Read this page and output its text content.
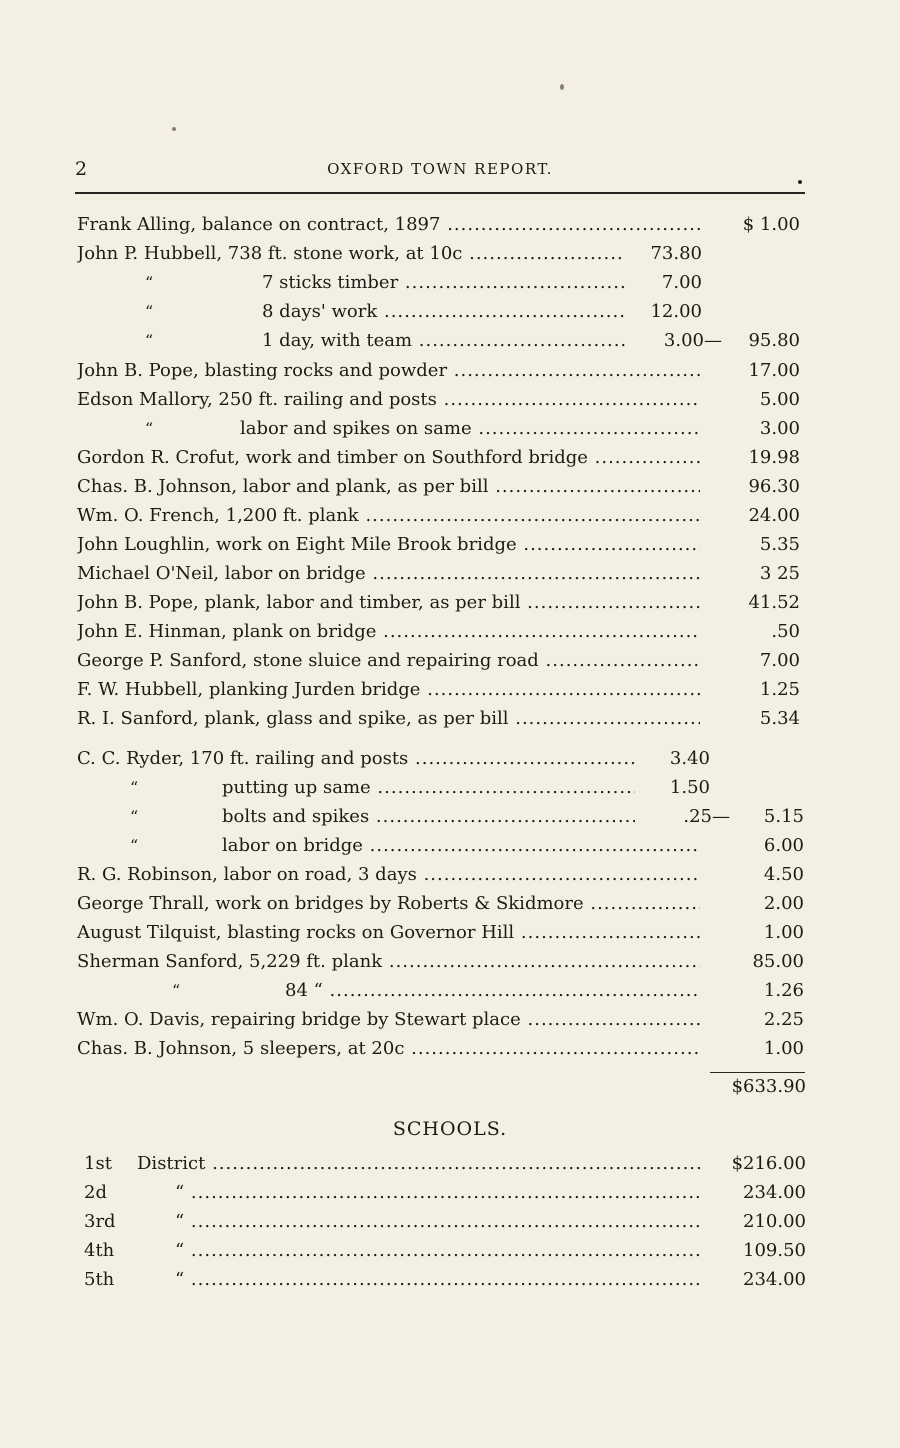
2	OXFORD TOWN REPORT.
Frank Alling, balance on contract, 1897 .....	$ 1.00
John P. Hubbell, 738 ft. stone work, at 10c .....	73.80
“	7 sticks timber .....	7.00
“	8 days' work .....	12.00
“	1 day, with team .....	3.00—	95.80
John B. Pope, blasting rocks and powder .....	17.00
Edson Mallory, 250 ft. railing and posts .....	5.00
“	labor and spikes on same .....	3.00
Gordon R. Crofut, work and timber on Southford bridge .....	19.98
Chas. B. Johnson, labor and plank, as per bill .....	96.30
Wm. O. French, 1,200 ft. plank .....	24.00
John Loughlin, work on Eight Mile Brook bridge .....	5.35
Michael O'Neil, labor on bridge .....	3 25
John B. Pope, plank, labor and timber, as per bill .....	41.52
John E. Hinman, plank on bridge .....	.50
George P. Sanford, stone sluice and repairing road .....	7.00
F. W. Hubbell, planking Jurden bridge .....	1.25
R. I. Sanford, plank, glass and spike, as per bill .....	5.34
C. C. Ryder, 170 ft. railing and posts .....	3.40
“	putting up same .....	1.50
“	bolts and spikes .....	.25—	5.15
“	labor on bridge .....	6.00
R. G. Robinson, labor on road, 3 days .....	4.50
George Thrall, work on bridges by Roberts & Skidmore .....	2.00
August Tilquist, blasting rocks on Governor Hill .....	1.00
Sherman Sanford, 5,229 ft. plank .....	85.00
“	84 “ .....	1.26
Wm. O. Davis, repairing bridge by Stewart place .....	2.25
Chas. B. Johnson, 5 sleepers, at 20c .....	1.00
$633.90
SCHOOLS.
1st District .....	$216.00
2d	“ .....	234.00
3rd	“ .....	210.00
4th	“ .....	109.50
5th	“ .....	234.00
